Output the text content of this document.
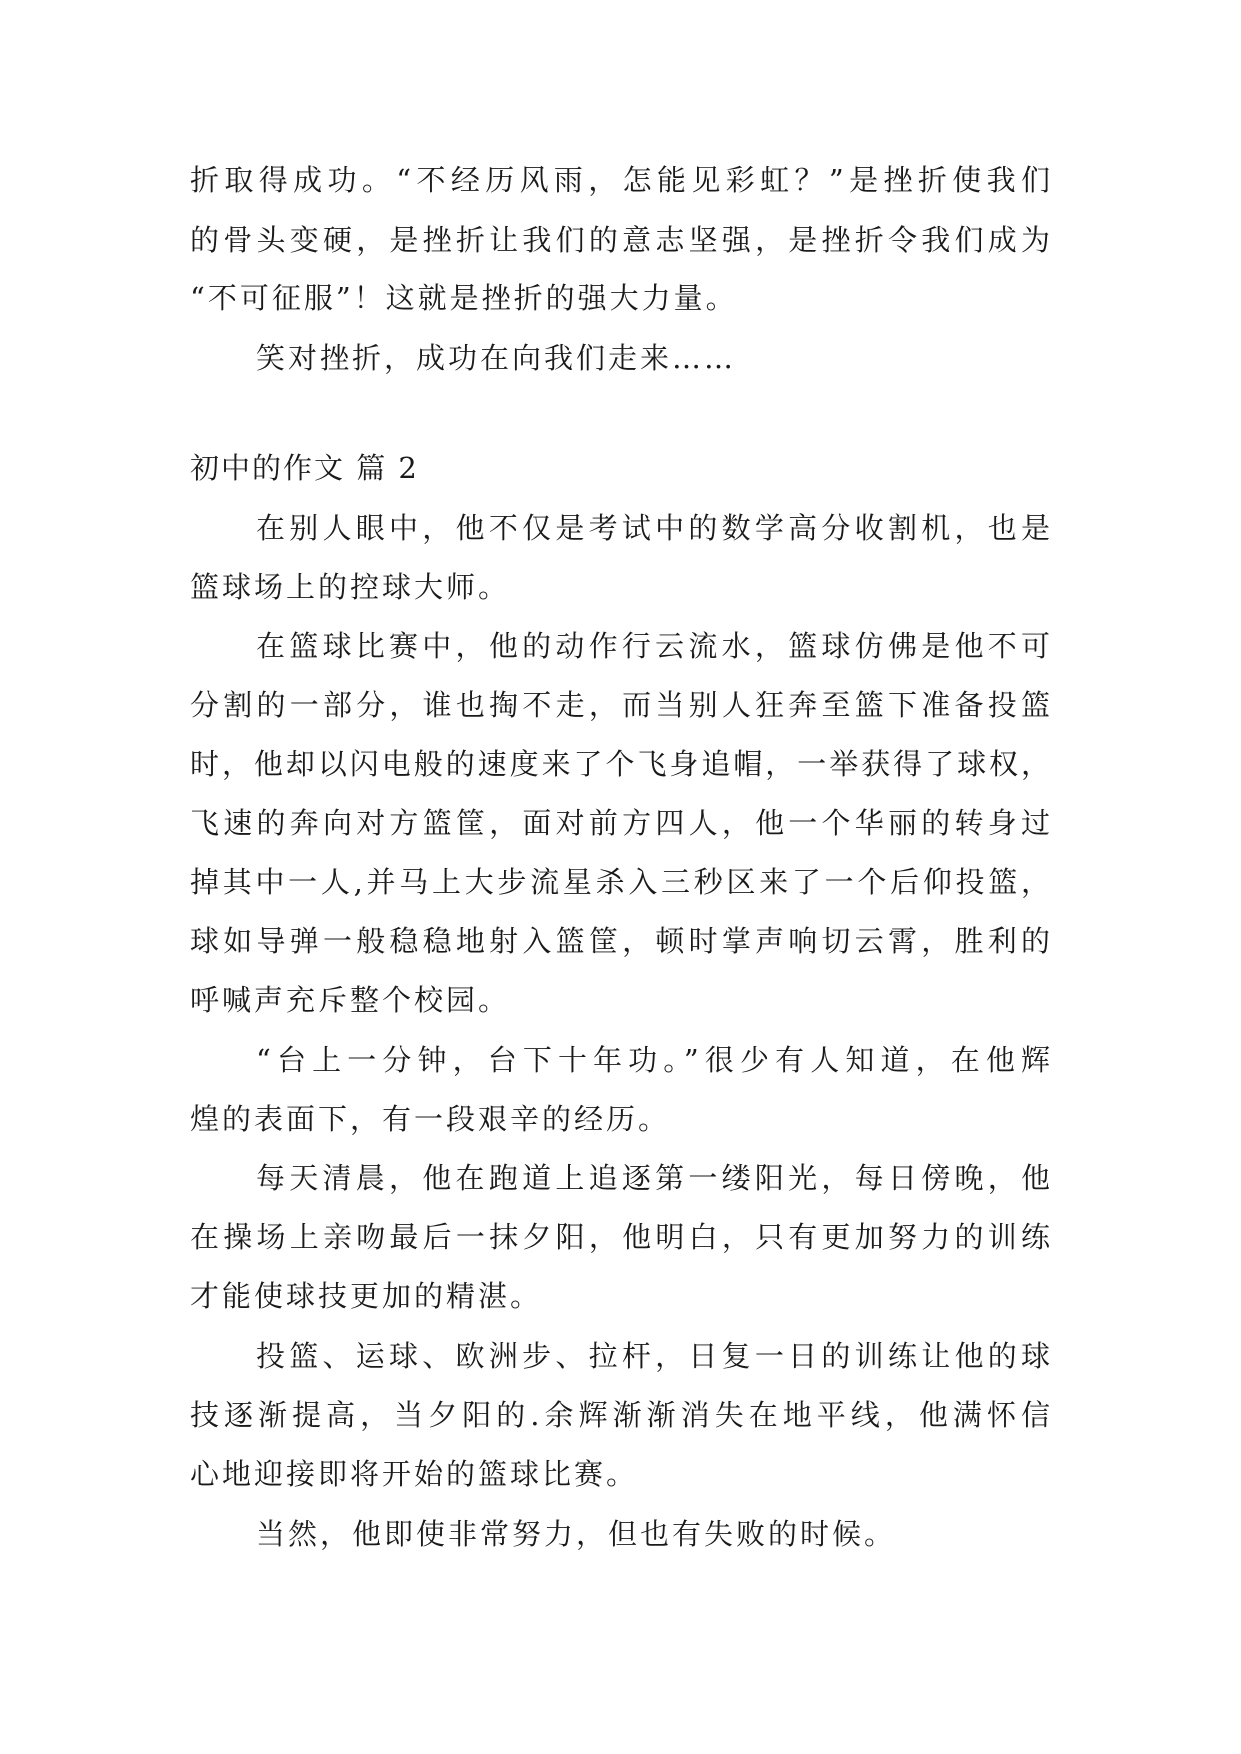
折取得成功。“不经历风雨，怎能见彩虹？”是挫折使我们
的骨头变硬，是挫折让我们的意志坚强，是挫折令我们成为
“不可征服”！这就是挫折的强大力量。
笑对挫折，成功在向我们走来……
初中的作文 篇 2
在别人眼中，他不仅是考试中的数学高分收割机，也是
篮球场上的控球大师。
在篮球比赛中，他的动作行云流水，篮球仿佛是他不可
分割的一部分，谁也掏不走，而当别人狂奔至篮下准备投篮
时，他却以闪电般的速度来了个飞身追帽，一举获得了球权，
飞速的奔向对方篮筐，面对前方四人，他一个华丽的转身过
掉其中一人,并马上大步流星杀入三秒区来了一个后仰投篮，
球如导弹一般稳稳地射入篮筐，顿时掌声响切云霄，胜利的
呼喊声充斥整个校园。
“台上一分钟，台下十年功。”很少有人知道，在他辉
煌的表面下，有一段艰辛的经历。
每天清晨，他在跑道上追逐第一缕阳光，每日傍晚，他
在操场上亲吻最后一抹夕阳，他明白，只有更加努力的训练
才能使球技更加的精湛。
投篮、运球、欧洲步、拉杆，日复一日的训练让他的球
技逐渐提高，当夕阳的.余辉渐渐消失在地平线，他满怀信
心地迎接即将开始的篮球比赛。
当然，他即使非常努力，但也有失败的时候。
